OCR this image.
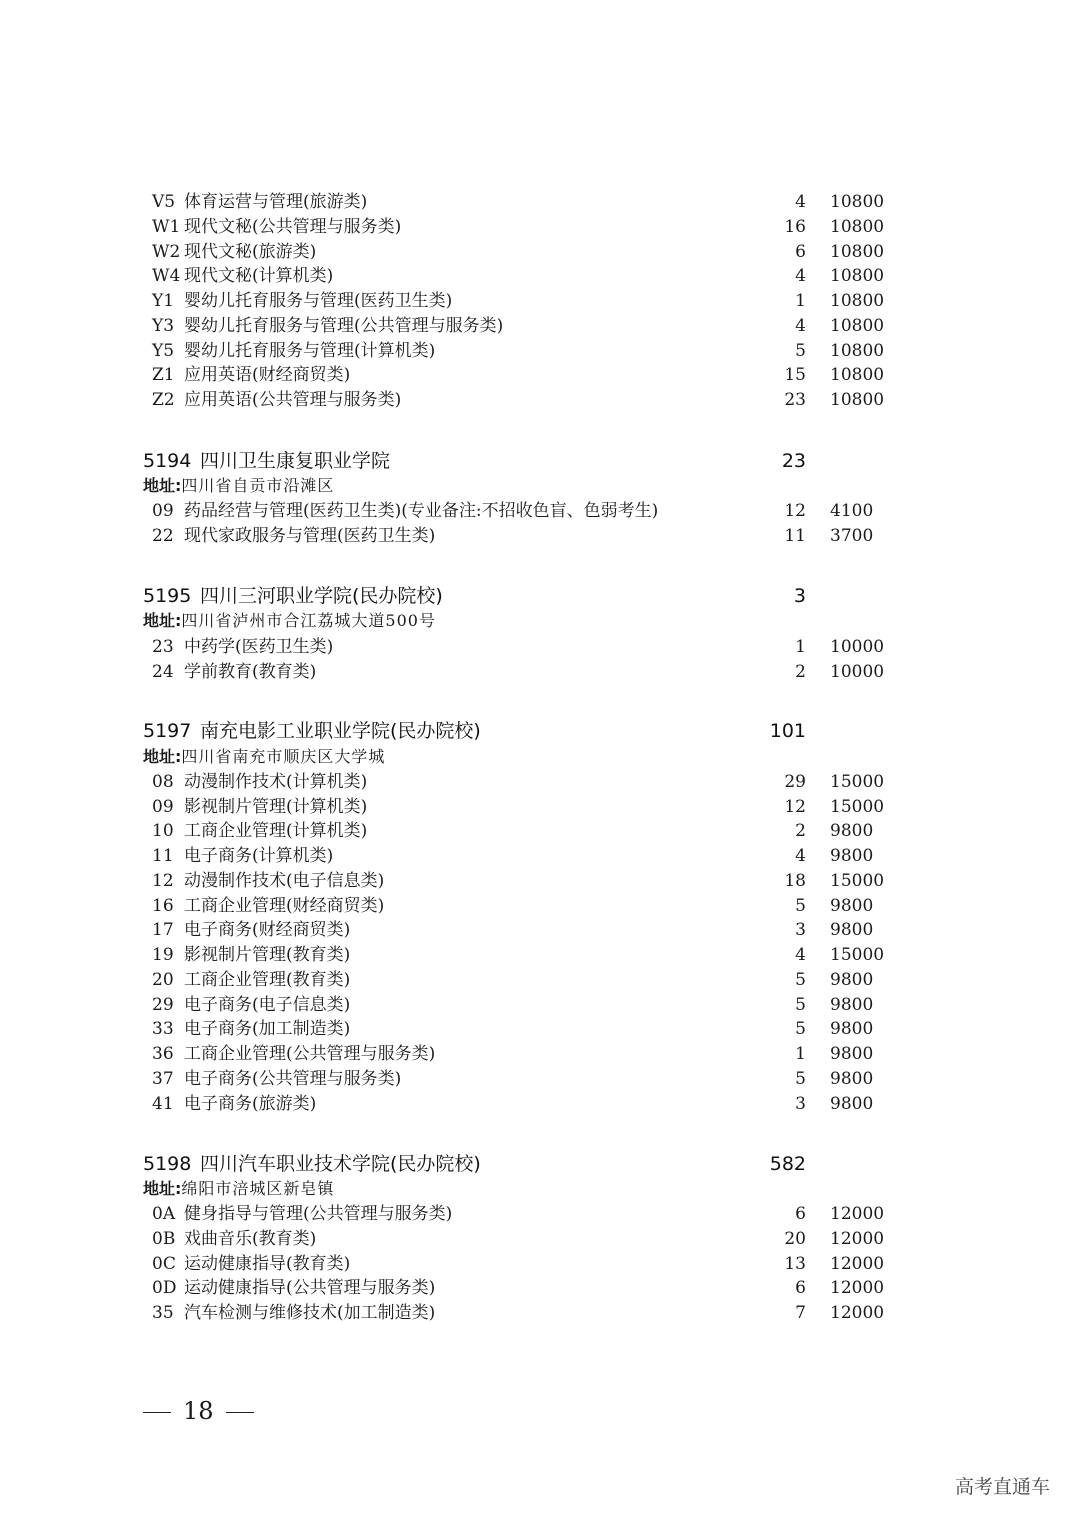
V5 体育运营与管理(旅游类)	4 10800
W1 现代文秘(公共管理与服务类)	16 10800
W2 现代文秘(旅游类)	6 10800
W4 现代文秘(计算机类)	4 10800
Y1 婴幼儿托育服务与管理(医药卫生类)	1 10800
Y3 婴幼儿托育服务与管理(公共管理与服务类)	4 10800
Y5 婴幼儿托育服务与管理(计算机类)	5 10800
Z1 应用英语(财经商贸类)	15 10800
Z2 应用英语(公共管理与服务类)	23 10800
5194 四川卫生康复职业学院	23
地址:四川省自贡市沿滩区
09 药品经营与管理(医药卫生类)(专业备注:不招收色盲、色弱考生)	12 4100
22 现代家政服务与管理(医药卫生类)	11 3700
5195 四川三河职业学院(民办院校)	3
地址:四川省泸州市合江荔城大道500号
23 中药学(医药卫生类)	1 10000
24 学前教育(教育类)	2 10000
5197 南充电影工业职业学院(民办院校)	101
地址:四川省南充市顺庆区大学城
08 动漫制作技术(计算机类)	29 15000
09 影视制片管理(计算机类)	12 15000
10 工商企业管理(计算机类)	2 9800
11 电子商务(计算机类)	4 9800
12 动漫制作技术(电子信息类)	18 15000
16 工商企业管理(财经商贸类)	5 9800
17 电子商务(财经商贸类)	3 9800
19 影视制片管理(教育类)	4 15000
20 工商企业管理(教育类)	5 9800
29 电子商务(电子信息类)	5 9800
33 电子商务(加工制造类)	5 9800
36 工商企业管理(公共管理与服务类)	1 9800
37 电子商务(公共管理与服务类)	5 9800
41 电子商务(旅游类)	3 9800
5198 四川汽车职业技术学院(民办院校)	582
地址:绵阳市涪城区新皂镇
0A 健身指导与管理(公共管理与服务类)	6 12000
0B 戏曲音乐(教育类)	20 12000
0C 运动健康指导(教育类)	13 12000
0D 运动健康指导(公共管理与服务类)	6 12000
35 汽车检测与维修技术(加工制造类)	7 12000
18
高考直通车
